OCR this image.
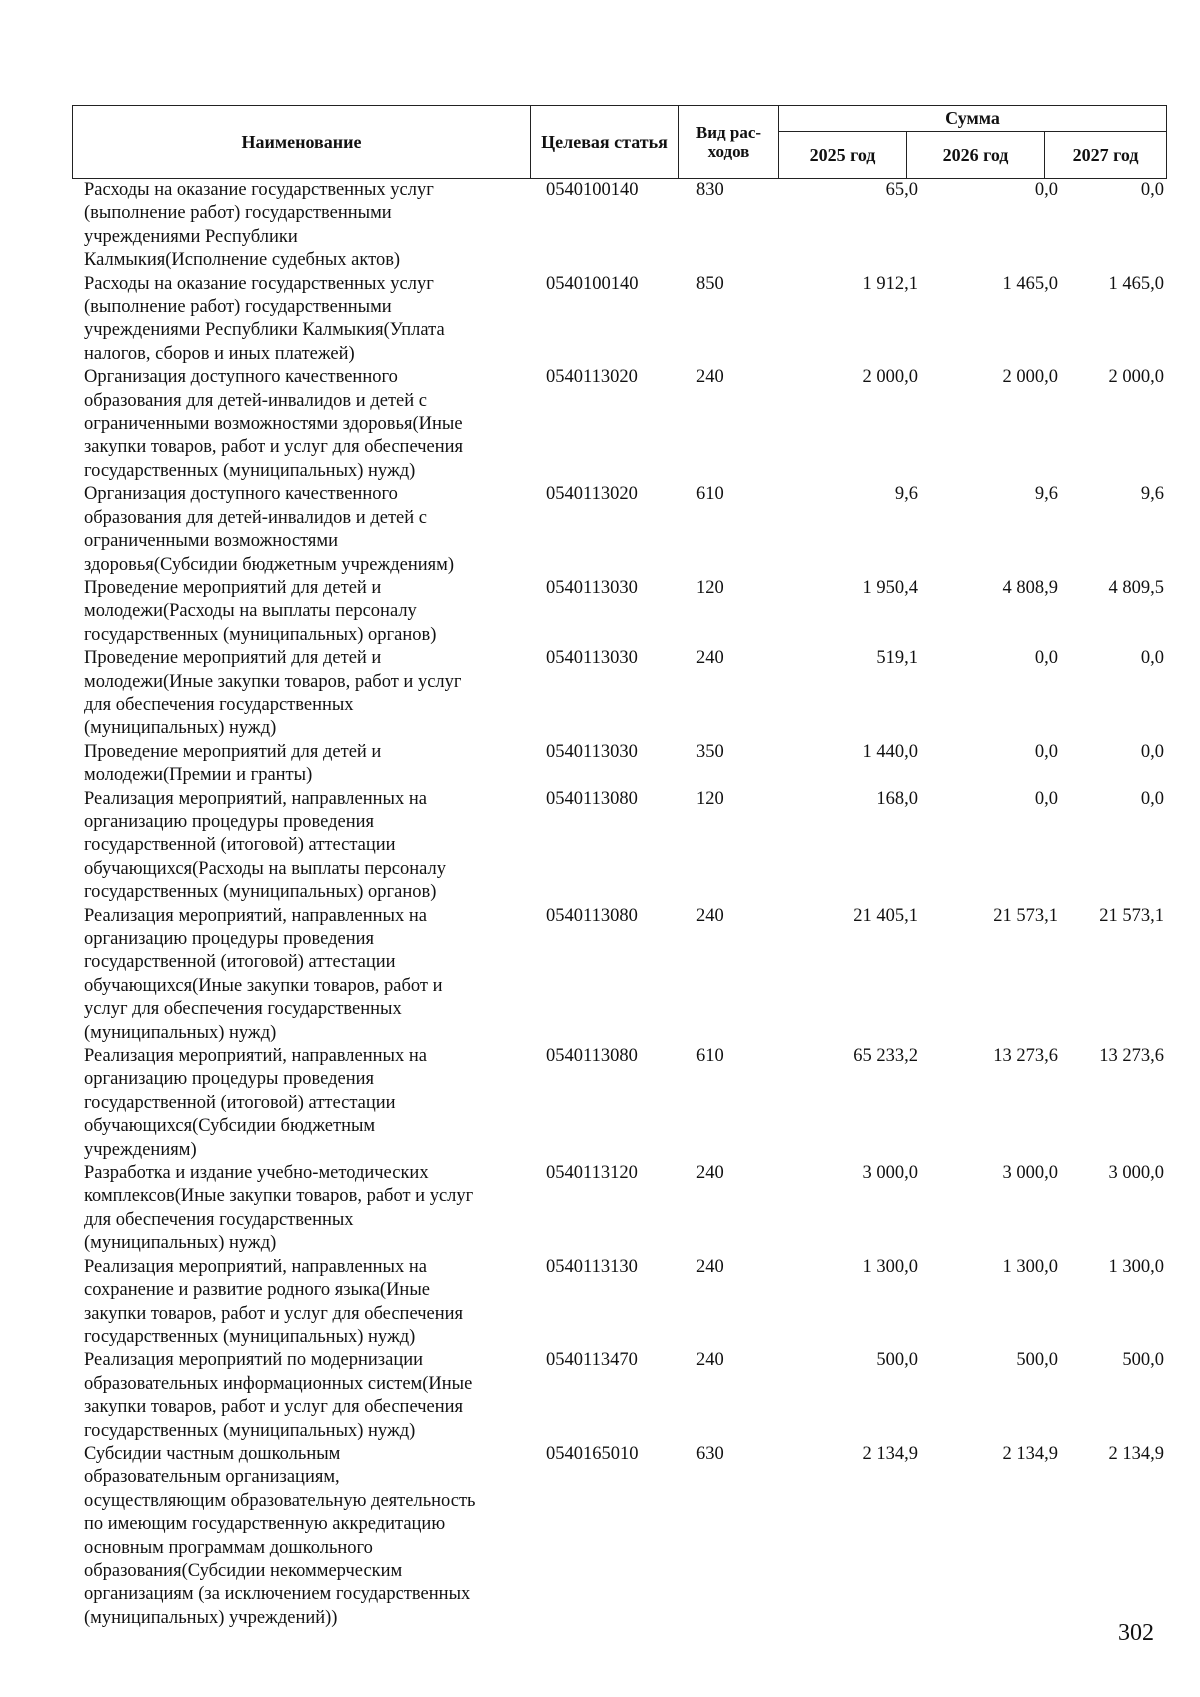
Наименование	Целевая статья	Вид рас-ходов	Сумма		
			2025 год	2026 год	2027 год
Расходы на оказание государственных услуг
(выполнение работ) государственными
учреждениями Республики
Калмыкия(Исполнение судебных актов)
0540100140	830	65,0	0,0	0,0
Расходы на оказание государственных услуг
(выполнение работ) государственными
учреждениями Республики Калмыкия(Уплата
налогов, сборов и иных платежей)
0540100140	850	1 912,1	1 465,0	1 465,0
Организация доступного качественного
образования для детей-инвалидов и детей с
ограниченными возможностями здоровья(Иные
закупки товаров, работ и услуг для обеспечения
государственных (муниципальных) нужд)
0540113020	240	2 000,0	2 000,0	2 000,0
Организация доступного качественного
образования для детей-инвалидов и детей с
ограниченными возможностями
здоровья(Субсидии бюджетным учреждениям)
0540113020	610	9,6	9,6	9,6
Проведение мероприятий для детей и
молодежи(Расходы на выплаты персоналу
государственных (муниципальных) органов)
0540113030	120	1 950,4	4 808,9	4 809,5
Проведение мероприятий для детей и
молодежи(Иные закупки товаров, работ и услуг
для обеспечения государственных
(муниципальных) нужд)
0540113030	240	519,1	0,0	0,0
Проведение мероприятий для детей и
молодежи(Премии и гранты)
0540113030	350	1 440,0	0,0	0,0
Реализация мероприятий, направленных на
организацию процедуры проведения
государственной (итоговой) аттестации
обучающихся(Расходы на выплаты персоналу
государственных (муниципальных) органов)
0540113080	120	168,0	0,0	0,0
Реализация мероприятий, направленных на
организацию процедуры проведения
государственной (итоговой) аттестации
обучающихся(Иные закупки товаров, работ и
услуг для обеспечения государственных
(муниципальных) нужд)
0540113080	240	21 405,1	21 573,1	21 573,1
Реализация мероприятий, направленных на
организацию процедуры проведения
государственной (итоговой) аттестации
обучающихся(Субсидии бюджетным
учреждениям)
0540113080	610	65 233,2	13 273,6	13 273,6
Разработка и издание учебно-методических
комплексов(Иные закупки товаров, работ и услуг
для обеспечения государственных
(муниципальных) нужд)
0540113120	240	3 000,0	3 000,0	3 000,0
Реализация мероприятий, направленных на
сохранение и развитие родного языка(Иные
закупки товаров, работ и услуг для обеспечения
государственных (муниципальных) нужд)
0540113130	240	1 300,0	1 300,0	1 300,0
Реализация мероприятий по модернизации
образовательных информационных систем(Иные
закупки товаров, работ и услуг для обеспечения
государственных (муниципальных) нужд)
0540113470	240	500,0	500,0	500,0
Субсидии частным дошкольным
образовательным организациям,
осуществляющим образовательную деятельность
по имеющим государственную аккредитацию
основным программам дошкольного
образования(Субсидии некоммерческим
организациям (за исключением государственных
(муниципальных) учреждений))
0540165010	630	2 134,9	2 134,9	2 134,9
302
